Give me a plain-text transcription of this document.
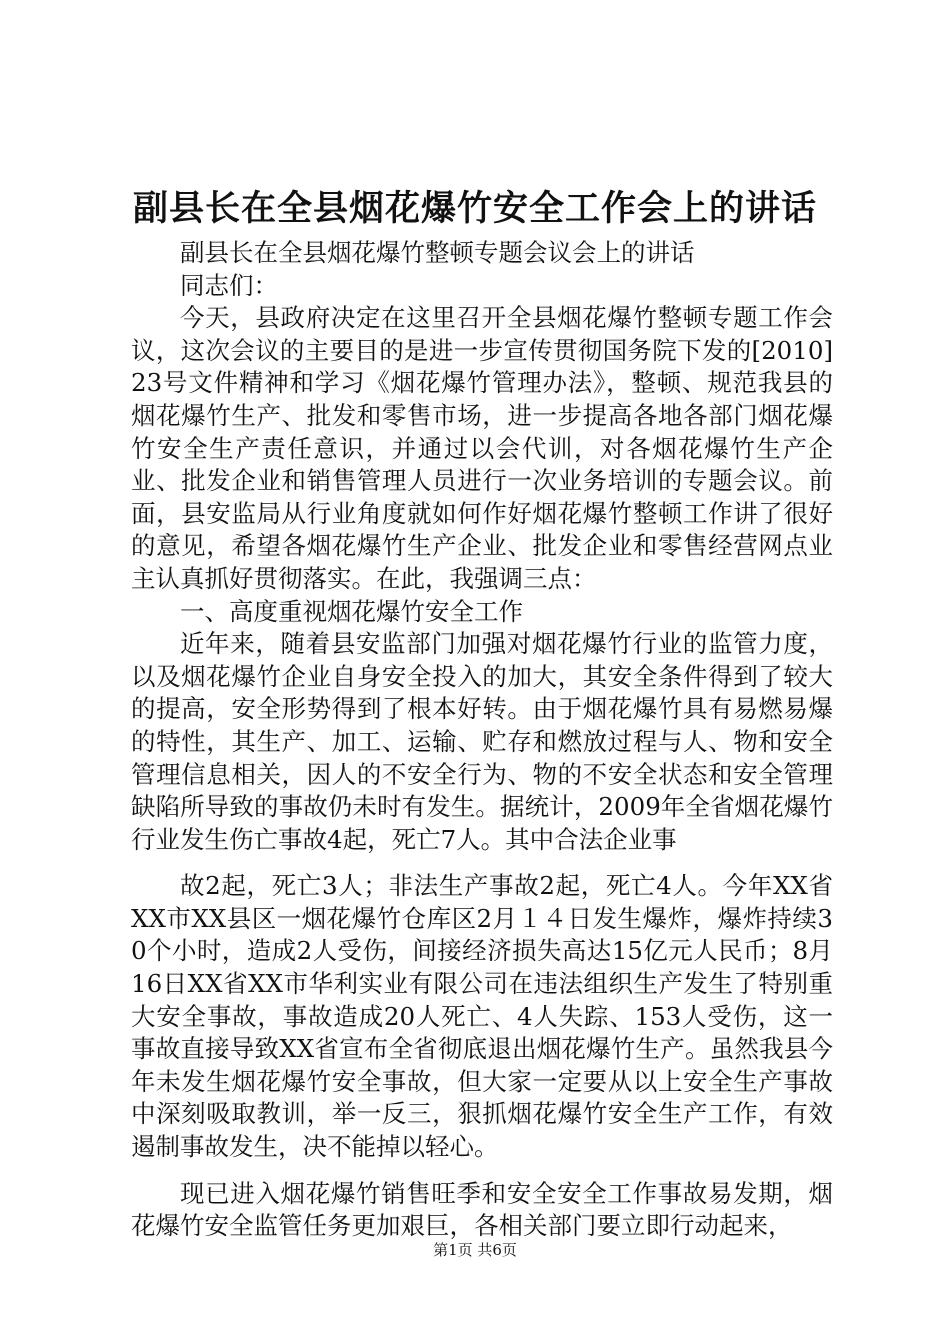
副县长在全县烟花爆竹安全工作会上的讲话

副县长在全县烟花爆竹整顿专题会议会上的讲话

同志们：

今天，县政府决定在这里召开全县烟花爆竹整顿专题工作会议，这次会议的主要目的是进一步宣传贯彻国务院下发的[2010]23号文件精神和学习《烟花爆竹管理办法》，整顿、规范我县的烟花爆竹生产、批发和零售市场，进一步提高各地各部门烟花爆竹安全生产责任意识，并通过以会代训，对各烟花爆竹生产企业、批发企业和销售管理人员进行一次业务培训的专题会议。前面，县安监局从行业角度就如何作好烟花爆竹整顿工作讲了很好的意见，希望各烟花爆竹生产企业、批发企业和零售经营网点业主认真抓好贯彻落实。在此，我强调三点：

一、高度重视烟花爆竹安全工作

近年来，随着县安监部门加强对烟花爆竹行业的监管力度，以及烟花爆竹企业自身安全投入的加大，其安全条件得到了较大的提高，安全形势得到了根本好转。由于烟花爆竹具有易燃易爆的特性，其生产、加工、运输、贮存和燃放过程与人、物和安全管理信息相关，因人的不安全行为、物的不安全状态和安全管理缺陷所导致的事故仍未时有发生。据统计，2009年全省烟花爆竹行业发生伤亡事故4起，死亡7人。其中合法企业事

故2起，死亡3人；非法生产事故2起，死亡4人。今年XX省XX市XX县区一烟花爆竹仓库区2月１４日发生爆炸，爆炸持续30个小时，造成2人受伤，间接经济损失高达15亿元人民币；8月16日XX省XX市华利实业有限公司在违法组织生产发生了特别重大安全事故，事故造成20人死亡、4人失踪、153人受伤，这一事故直接导致XX省宣布全省彻底退出烟花爆竹生产。虽然我县今年未发生烟花爆竹安全事故，但大家一定要从以上安全生产事故中深刻吸取教训，举一反三，狠抓烟花爆竹安全生产工作，有效遏制事故发生，决不能掉以轻心。

现已进入烟花爆竹销售旺季和安全安全工作事故易发期，烟花爆竹安全监管任务更加艰巨，各相关部门要立即行动起来，

第1页 共6页
